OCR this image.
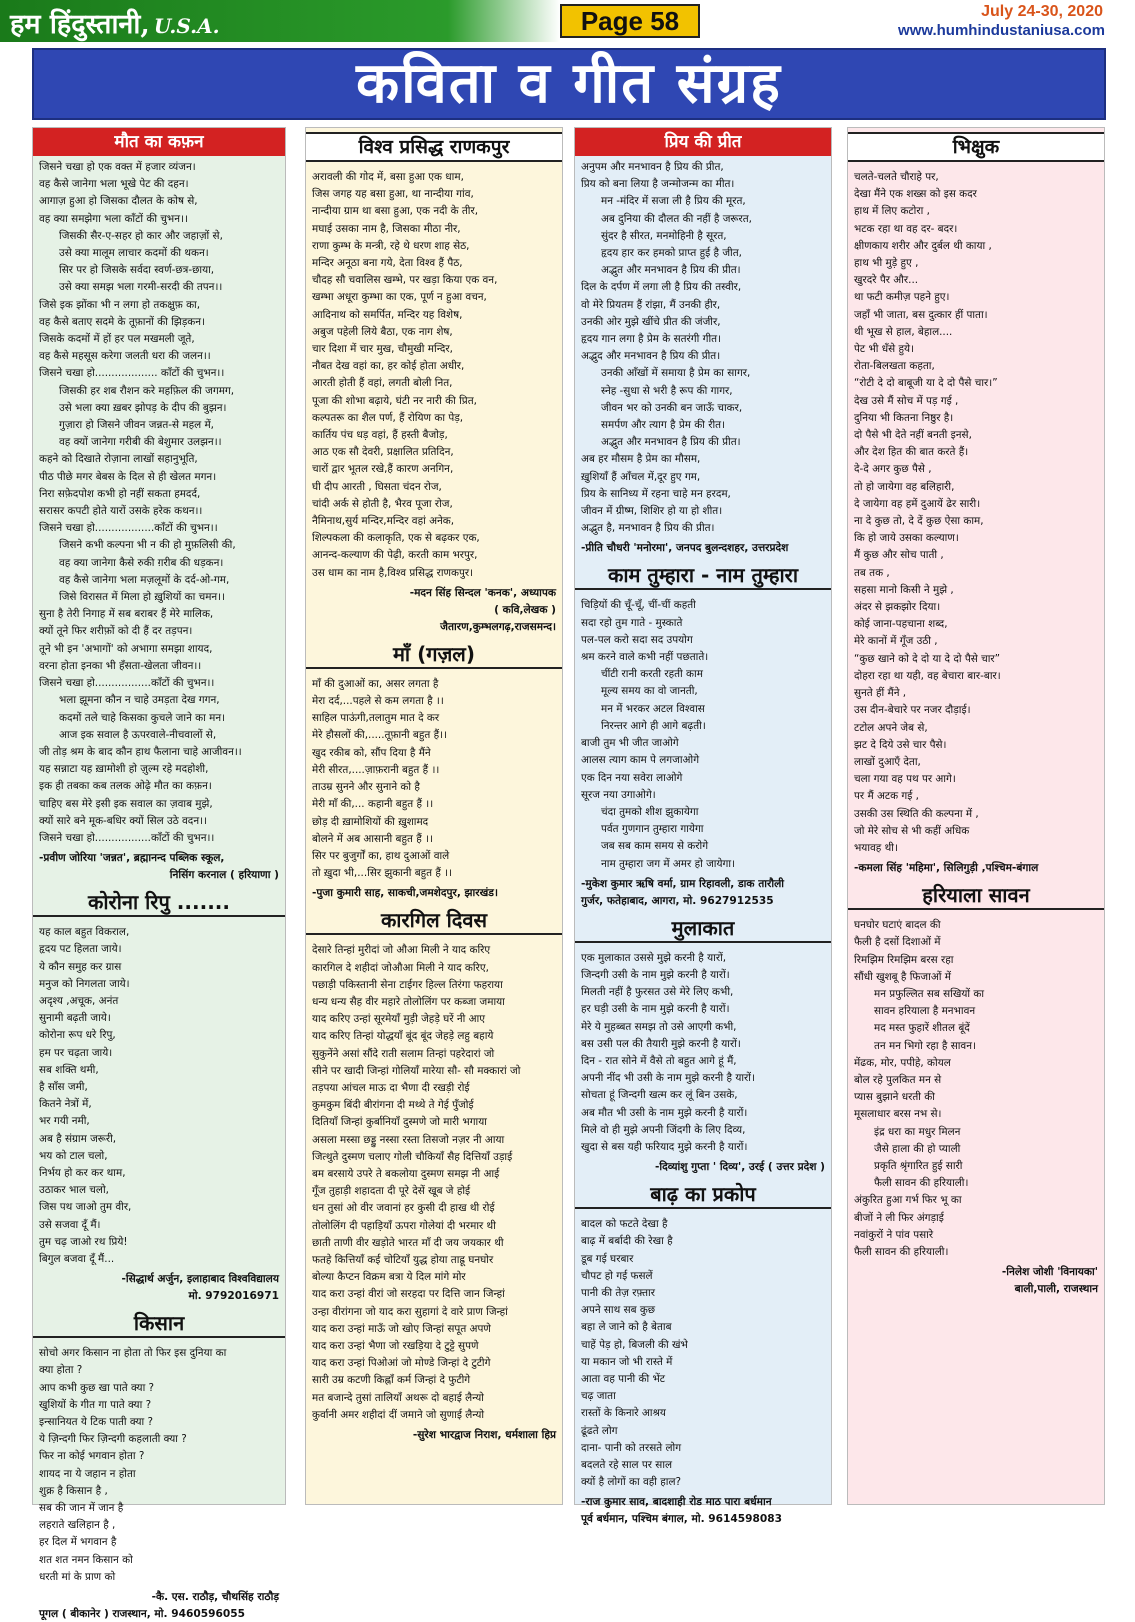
हम हिंदुस्तानी, U.S.A.	Page 58	July 24-30, 2020
www.humhindustaniusa.com
कविता व गीत संग्रह
मौत का कफ़न

जिसने चखा हो एक वक्त में हजार व्यंजन।

वह कैसे जानेगा भला भूखे पेट की दहन।

आगाज़ हुआ हो जिसका दौलत के कोष से,

वह क्या समझेगा भला काँटों की चुभन।।

जिसकी सैर-ए-सहर हो कार और जहाज़ों से,

उसे क्या मालूम लाचार कदमों की थकन।

सिर पर हो जिसके सर्वदा स्वर्ण-छत्र-छाया,

उसे क्या समझ भला गरमी-सरदी की तपन।।

जिसे इक झोंका भी न लगा हो तकक्षुफ़ का,

वह कैसे बताए सदमे के तूफ़ानों की झिड़कन।

जिसके कदमों में हों हर पल मखमली जूते,

वह कैसे महसूस करेगा जलती धरा की जलन।।

जिसने चखा हो................... काँटों की चुभन।।

जिसकी हर शब रौशन करे महफ़िल की जगमग,

उसे भला क्या ख़बर झोपड़ के दीप की बुझन।

गुज़ारा हो जिसने जीवन जन्नत-से महल में,

वह क्यों जानेगा गरीबी की बेशुमार उलझन।।

कहने को दिखाते रोज़ाना लाखों सहानुभूति,

पीठ पीछे मगर बेबस के दिल से ही खेलत मगन।

निरा सफ़ेदपोश कभी हो नहीं सकता हमदर्द,

सरासर कपटी होते यारों उसके हरेक कथन।।

जिसने चखा हो..................काँटों की चुभन।।

जिसने कभी कल्पना भी न की हो मुफ़लिसी की,

वह क्या जानेगा कैसे रुकी ग़रीब की धड़कन।

वह कैसे जानेगा भला मज़लूमों के दर्द-ओ-गम,

जिसे विरासत में मिला हो ख़ुशियों का चमन।।

सुना है तेरी निगाह में सब बराबर हैं मेरे मालिक,

क्यों तूने फिर शरीफ़ों को दी हैं दर तड़पन।

तूने भी इन 'अभागों' को अभागा समझा शायद,

वरना होता इनका भी हँसता-खेलता जीवन।।

जिसने चखा हो.................काँटों की चुभन।।

भला झूमना कौन न चाहे उमड़ता देख गगन,

कदमों तले चाहे किसका कुचले जाने का मन।

आज इक सवाल है ऊपरवाले-नीचवालों से,

जी तोड़ श्रम के बाद कौन हाथ फैलाना चाहे आजीवन।।

यह सन्नाटा यह ख़ामोशी हो ज़ुल्म रहे मदहोशी,

इक ही तबका कब तलक ओढ़े मौत का कफ़न।

चाहिए बस मेरे इसी इक सवाल का ज़वाब मुझे,

क्यों सारे बने मूक-बधिर क्यों सिल उठे वदन।।

जिसने चखा हो.................काँटों की चुभन।।

-प्रवीण जोरिया 'जन्नत', ब्रह्मानन्द पब्लिक स्कूल,
निसिंग करनाल ( हरियाणा )
कोरोना रिपु .......

यह काल बहुत विकराल,

हृदय पट हिलता जाये।

ये कौन समुह कर ग्रास

मनुज को निगलता जाये।

अदृश्य ,अचूक, अनंत

सुनामी बढ़ती जाये।

कोरोना रूप धरे रिपु,

हम पर चढ़ता जाये।

सब शक्ति थमी,

है साँस जमी,

कितने नेत्रों में,

भर गयी नमी,

अब है संग्राम जरूरी,

भय को टाल चलो,

निर्भय हो कर कर थाम,

उठाकर भाल चलो,

जिस पथ जाओ तुम वीर,

उसे सजवा दूँ मैं।

तुम चढ़ जाओ रथ प्रिये!

बिगुल बजवा दूँ मैं...

-सिद्धार्थ अर्जुन, इलाहाबाद विश्वविद्यालय
मो. 9792016971
किसान

सोचो अगर किसान ना होता तो फिर इस दुनिया का

क्या होता ?

आप कभी कुछ खा पाते क्या ?

खुशियों के गीत गा पाते क्या ?

इन्सानियत ये टिक पाती क्या ?

ये ज़िन्दगी फिर ज़िन्दगी कहलाती क्या ?

फिर ना कोई भगवान होता ?

शायद ना ये जहान न होता

शुक्र है किसान है ,

सब की जान में जान है

लहराते खलिहान है ,

हर दिल में भगवान है

शत शत नमन किसान को

धरती मां के प्राण को

-कै. एस. राठौड़, चौथसिंह राठौड़
पूगल ( बीकानेर ) राजस्थान, मो. 9460596055
विश्व प्रसिद्ध राणकपुर

अरावली की गोद में, बसा हुआ एक धाम,

जिस जगह यह बसा हुआ, था नान्दीया गांव,

नान्दीया ग्राम था बसा हुआ, एक नदी के तीर,

मघाई उसका नाम है, जिसका मीठा नीर,

राणा कुम्भ के मन्त्री, रहे थे धरण शाह सेठ,

मन्दिर अनूठा बना गये, देता विश्व हैं पैठ,

चौदह सौ चवालिस खम्भे, पर खड़ा किया एक वन,

खम्भा अधूरा कुम्भा का एक, पूर्ण न हुआ वचन,

आदिनाथ को समर्पित, मन्दिर यह विशेष,

अबुज पहेली लिये बैठा, एक नाग शेष,

चार दिशा में चार मुख, चौमुखी मन्दिर,

नौबत देख वहां का, हर कोई होता अधीर,

आरती होती हैं वहां, लगती बोली नित,

पूजा की शोभा बढ़ाये, घंटी नर नारी की प्रित,

कल्पतरू का शैल पर्ण, हैं रोयिण का पेड़,

कार्तिय पंच धड़ वहां, हैं हस्ती बैजोड़,

आठ एक सौ देवरी, प्रक्षालित प्रतिदिन,

चारों द्वार भूतल रखे,हैं कारण अनगिन,

घी दीप आरती , घिसता चंदन रोज,

चांदी अर्क से होती है, भैरव पूजा रोज,

नैमिनाथ,सुर्य मन्दिर,मन्दिर वहां अनेक,

शिल्पकला की कलाकृति, एक से बढ़कर एक,

आनन्द-कल्याण की पेढ़ी, करती काम भरपुर,

उस धाम का नाम है,विश्व प्रसिद्ध राणकपुर।

-मदन सिंह सिन्दल 'कनक', अध्यापक
( कवि,लेखक )
जैतारण,कुम्भलगढ़,राजसमन्द।
माँ (गज़ल)

माँ की दुआओं का, असर लगता है

मेरा दर्द,...पहले से कम लगता है ।।

साहिल पाऊंगी,तलातुम मात दे कर

मेरे हौसलों की,.....तूफ़ानी बहुत हैं।।

खुद रकीब को, सौंप दिया है मैंने

मेरी सीरत,....ज़ाफ़रानी बहुत हैं ।।

ताउम्र सुनने और सुनाने को है

मेरी माँ की,... कहानी बहुत हैं ।।

छोड़ दी ख़ामोशियों की ख़ुशामद

बोलने में अब आसानी बहुत हैं ।।

सिर पर बुजुर्गों का, हाथ दुआओं वाले

तो ख़ुदा भी,...सिर झुकानी बहुत हैं ।।

-पुजा कुमारी साह, साकची,जमशेदपुर, झारखंड।
कारगिल दिवस

देसारे तिन्हां मुरीदां जो औआ मिली ने याद करिए

कारगिल दे शहीदां जोऔआ मिली ने याद करिए,

पछाड़ी पकिस्तानी सेना टाईगर हिल्ल तिरंगा फहराया

धन्य धन्य सैह वीर महारे तोलोलिंग पर कब्जा जमाया

याद करिए उन्हां सूरमेयाँ मुड़ी जेहड़े घरें नी आए

याद करिए तिन्हां योद्धयाँ बूंद बूंद जेहड़े लहु बहाये

सुकुनेंने असां सौंदे राती सलाम तिन्हां पहरेदारां जो

सीने पर खादी जिन्हां गोलियाँ मारेया सौ- सौ मक्कारां जो

तड़पया आंचल माऊ दा भैणा दी रखड़ी रोई

कुमकुम बिंदी बीरांगना दी मथ्थे ते गेई पुँजोई

दितियाँ जिन्हां कुर्बानियाँ दुस्मणे जो मारी भगाया

असला मस्सा छड्डु नस्सा रस्ता तिसजो नज़र नी आया

जित्थुते दुस्मण चलाए गोली चौकियाँ सैह दित्तियाँ उड़ाई

बम बरसाये उपरे ते बकलोया दुस्मण समझ नी आई

गूँज तुहाड़ी शहादता दी पूरे देसें खूब जे होई

धन तुसां ओ वीर जवानां हर कुसी दी हाख थी रोई

तोलोलिंग दी पहाड़ियाँ ऊपरा गोलेयां दी भरमार थी

छाती ताणी वीर खड़ोते भारत माँ दी जय जयकार थी

फतहे कित्तियाँ कई चोटियाँ युद्ध होया ताह्रू घनघोर

बोल्या कैप्टन विक्रम बत्रा ये दिल मांगे मोर

याद करा उन्हां वीरां जो सरहदा पर दित्ति जान जिन्हां

उन्हा वीरांगना जो याद करा सुहागां दे वारे प्राण जिन्हां

याद करा उन्हां माऊँ जो खोए जिन्हां सपूत अपणे

याद करा उन्हां भैणा जो रखड़िया दे टुट्टे सुपणे

याद करा उन्हां पिओआं जो मोण्डे जिन्हां दे टुटीगे

सारी उम्र कटणी किह्नाँ कर्म जिन्हां दे फुटीगे

मत बजान्दे तुसां तालियाँ अथरू दो बहाई लैन्यो

कुर्वानी अमर शहीदां दीं जमाने जो सुणाई लैन्यो

-सुरेश भारद्वाज निराश, धर्मशाला हिप्र
प्रिय की प्रीत

अनुपम और मनभावन है प्रिय की प्रीत,

प्रिय को बना लिया है जन्मोजन्म का मीत।

मन -मंदिर में सजा ली है प्रिय की मूरत,

अब दुनिया की दौलत की नहीं है जरूरत,

सुंदर है सीरत, मनमोहिनी है सूरत,

हृदय हार कर हमको प्राप्त हुई है जीत,

अद्भुत और मनभावन है प्रिय की प्रीत।

दिल के दर्पण में लगा ली है प्रिय की तस्वीर,

वो मेरे प्रियतम हैं रांझा, मैं उनकी हीर,

उनकी ओर मुझे खींचे प्रीत की जंजीर,

हृदय गान लगा है प्रेम के सतरंगी गीत।

अद्भुद और मनभावन है प्रिय की प्रीत।

उनकी आँखों में समाया है प्रेम का सागर,

स्नेह -सुधा से भरी है रूप की गागर,

जीवन भर को उनकी बन जाऊँ चाकर,

समर्पण और त्याग है प्रेम की रीत।

अद्भुत और मनभावन है प्रिय की प्रीत।

अब हर मौसम है प्रेम का मौसम,

ख़ुशियाँ हैं आँचल में,दूर हुए गम,

प्रिय के सानिध्य में रहना चाहे मन हरदम,

जीवन में ग्रीष्म, शिशिर हो या हो शीत।

अद्भुत है, मनभावन है प्रिय की प्रीत।

-प्रीति चौधरी 'मनोरमा', जनपद बुलन्दशहर, उत्तरप्रदेश
काम तुम्हारा - नाम तुम्हारा

चिड़ियों की चूँ-चूँ, चीं-चीं कहती

सदा रहो तुम गाते - मुस्काते

पल-पल करो सदा सद उपयोग

श्रम करने वाले कभी नहीं पछताते।

चींटी रानी करती रहती काम

मूल्य समय का वो जानती,

मन में भरकर अटल विश्वास

निरन्तर आगे ही आगे बढ़ती।

बाजी तुम भी जीत जाओगे

आलस त्याग काम पे लगजाओगे

एक दिन नया सवेरा लाओगे

सूरज नया उगाओगे।

चंदा तुमको शीश झुकायेगा

पर्वत गुणगान तुम्हारा गायेगा

जब सब काम समय से करोगे

नाम तुम्हारा जग में अमर हो जायेगा।

-मुकेश कुमार ऋषि वर्मा, ग्राम रिहावली, डाक तारौली
गुर्जर, फतेहाबाद, आगरा, मो. 9627912535
मुलाकात

एक मुलाकात उससे मुझे करनी है यारों,

जिन्दगी उसी के नाम मुझे करनी है यारों।

मिलती नहीं है फुरसत उसे मेरे लिए कभी,

हर घड़ी उसी के नाम मुझे करनी है यारों।

मेरे ये मुहब्बत समझ तो उसे आएगी कभी,

बस उसी पल की तैयारी मुझे करनी है यारों।

दिन - रात सोने में वैसे तो बहुत आगे हूं मैं,

अपनी नींद भी उसी के नाम मुझे करनी है यारों।

सोचता हूं जिन्दगी खत्म कर लूं बिन उसके,

अब मौत भी उसी के नाम मुझे करनी है यारों।

मिले वो ही मुझे अपनी जिंदगी के लिए दिव्य,

खुदा से बस यही फरियाद मुझे करनी है यारों।

-दिव्यांशु गुप्ता ' दिव्य', उरई ( उत्तर प्रदेश )
बाढ़ का प्रकोप

बादल को फटते देखा है

बाढ़ में बर्बादी की रेखा है

डूब गई घरबार

चौपट हो गई फसलें

पानी की तेज़ रफ़्तार

अपने साथ सब कुछ

बहा ले जाने को है बेताब

चाहें पेड़ हो, बिजली की खंभे

या मकान जो भी रास्ते में

आता वह पानी की भेंट

चढ़ जाता

रास्तों के किनारे आश्रय

ढूंढते लोग

दाना- पानी को तरसते लोग

बदलते रहे साल पर साल

क्यों है लोगों का वही हाल?

-राज कुमार साव, बादशाही रोड माठ पारा बर्धमान
पूर्व बर्धमान, पश्चिम बंगाल, मो. 9614598083
भिक्षुक

चलते-चलते चौराहे पर,

देखा मैंने एक शख्स को इस कदर

हाथ में लिए कटोरा ,

भटक रहा था वह दर- बदर।

क्षीणकाय शरीर और दुर्बल थी काया ,

हाथ भी मुड़े हुए ,

खुरदरे पैर और...

था फटी कमीज़ पहने हुए।

जहाँ भी जाता, बस दुत्कार हीं पाता।

थी भूख से हाल, बेहाल....

पेट भी धँसे हुये।

रोता-बिलखता कहता,

“रोटी दे दो बाबूजी या दे दो पैसे चार।”

देख उसे मैं सोच में पड़ गई ,

दुनिया भी कितना निष्ठुर है।

दो पैसे भी देते नहीं बनती इनसे,

और देश हित की बात करते हैं।

दे-दे अगर कुछ पैसे ,

तो हो जायेगा वह बलिहारी,

दे जायेगा वह हमें दुआयें ढेर सारी।

ना दे कुछ तो, दे दें कुछ ऐसा काम,

कि हो जाये उसका कल्याण।

मैं कुछ और सोच पाती ,

तब तक ,

सहसा मानो किसी ने मुझे ,

अंदर से झकझोर दिया।

कोई जाना-पहचाना शब्द,

मेरे कानों में गूँज उठी ,

“कुछ खाने को दे दो या दे दो पैसे चार”

दोहरा रहा था यही, वह बेचारा बार-बार।

सुनते हीं मैंने ,

उस दीन-बेचारे पर नजर दौड़ाई।

टटोल अपने जेब से,

झट दे दिये उसे चार पैसे।

लाखों दुआएँ देता,

चला गया वह पथ पर आगे।

पर मैं अटक गई ,

उसकी उस स्थिति की कल्पना में ,

जो मेरे सोच से भी कहीं अधिक

भयावह थी।

-कमला सिंह 'महिमा', सिलिगुड़ी ,पश्चिम-बंगाल
हरियाला सावन

घनघोर घटाएं बादल की

फैली है दसों दिशाओं में

रिमझिम रिमझिम बरस रहा

सौंधी खुशबू है फिजाओं में

मन प्रफुल्लित सब सखियों का

सावन हरियाला है मनभावन

मद मस्त फुहारें शीतल बूंदें

तन मन भिगो रहा है सावन।

मेंढक, मोर, पपीहे, कोयल

बोल रहे पुलकित मन से

प्यास बुझाने धरती की

मूसलाधार बरस नभ से।

इंद्र धरा का मधुर मिलन

जैसे हाला की हो प्याली

प्रकृति श्रृंगारित हुई सारी

फैली सावन की हरियाली।

अंकुरित हुआ गर्भ फिर भू का

बीजों ने ली फिर अंगड़ाई

नवांकुरों ने पांव पसारे

फैली सावन की हरियाली।

-निलेश जोशी 'विनायका'
बाली,पाली, राजस्थान
